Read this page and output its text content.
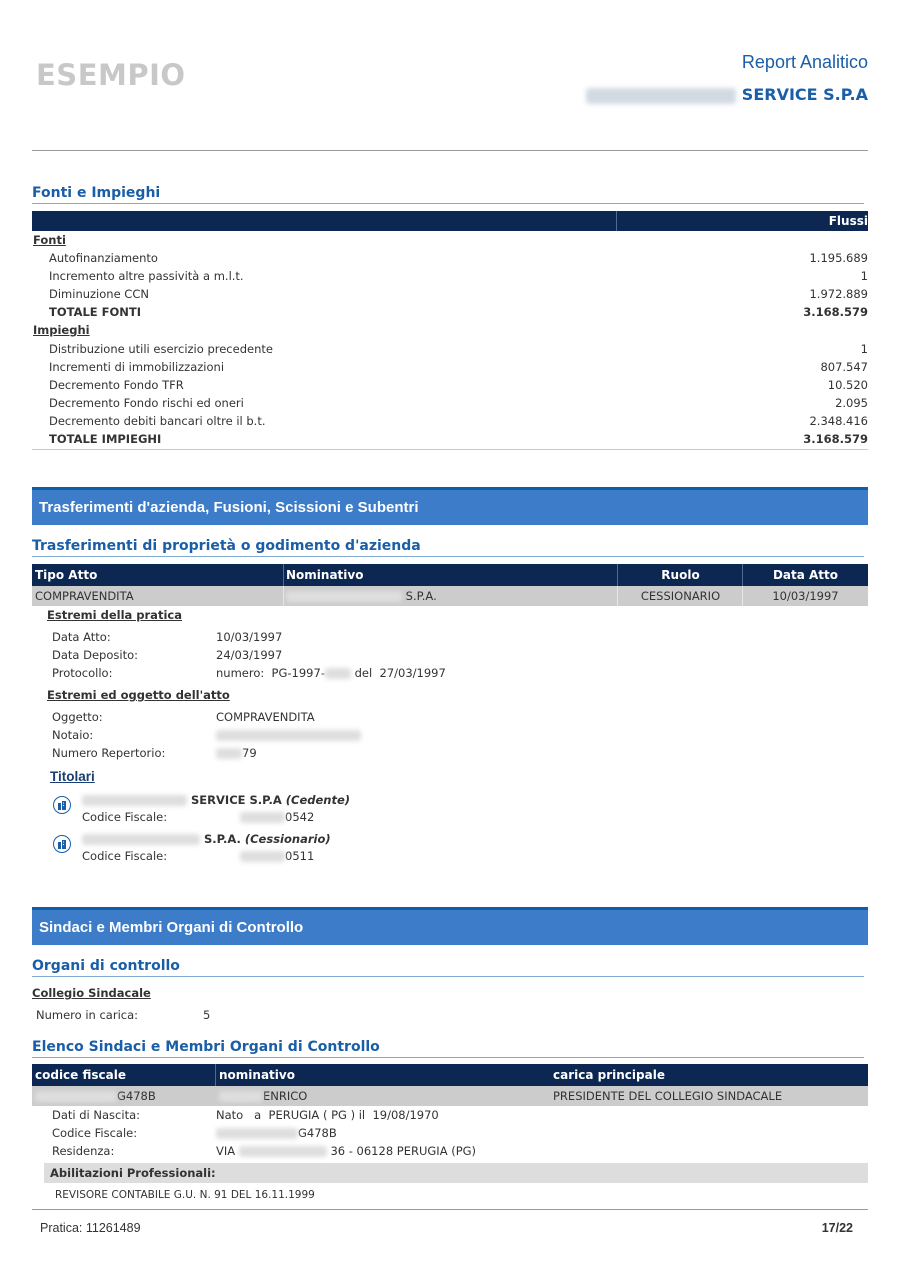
ESEMPIO	Report Analitico
SERVICE S.P.A
Fonti e Impieghi
Flussi
Fonti
Autofinanziamento	1.195.689
Incremento altre passività a m.l.t.	1
Diminuzione CCN	1.972.889
TOTALE FONTI	3.168.579
Impieghi
Distribuzione utili esercizio precedente	1
Incrementi di immobilizzazioni	807.547
Decremento Fondo TFR	10.520
Decremento Fondo rischi ed oneri	2.095
Decremento debiti bancari oltre il b.t.	2.348.416
TOTALE IMPIEGHI	3.168.579
Trasferimenti d'azienda, Fusioni, Scissioni e Subentri
Trasferimenti di proprietà o godimento d'azienda
Tipo Atto	Nominativo	Ruolo	Data Atto
COMPRAVENDITA	S.P.A.	CESSIONARIO	10/03/1997
Estremi della pratica
Data Atto:	10/03/1997
Data Deposito:	24/03/1997
Protocollo:	numero:  PG-1997- del  27/03/1997
Estremi ed oggetto dell'atto
Oggetto:	COMPRAVENDITA
Notaio:
Numero Repertorio:	79
Titolari
SERVICE S.P.A (Cedente)
Codice Fiscale:	0542
S.P.A. (Cessionario)
Codice Fiscale:	0511
Sindaci e Membri Organi di Controllo
Organi di controllo
Collegio Sindacale
Numero in carica:	5
Elenco Sindaci e Membri Organi di Controllo
codice fiscale	nominativo	carica principale
G478B	ENRICO	PRESIDENTE DEL COLLEGIO SINDACALE
Dati di Nascita:	Nato   a  PERUGIA ( PG ) il  19/08/1970
Codice Fiscale:	G478B
Residenza:	VIA	36 - 06128 PERUGIA (PG)
Abilitazioni Professionali:
REVISORE CONTABILE G.U. N. 91 DEL 16.11.1999
Pratica: 11261489	17/22
